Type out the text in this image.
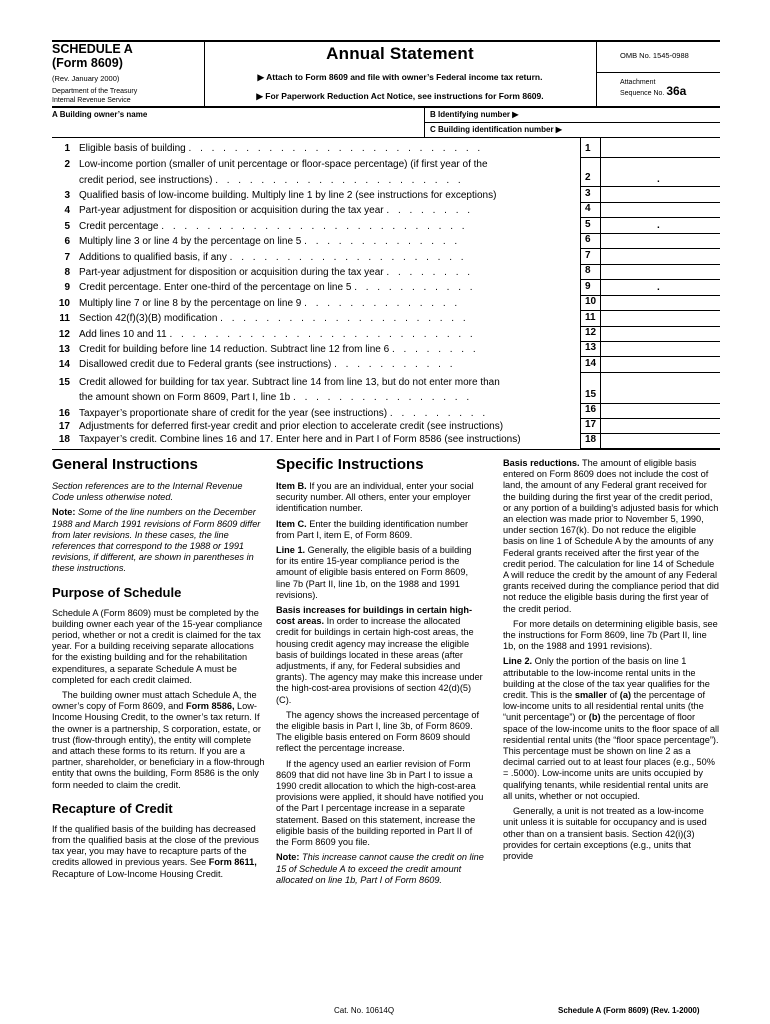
SCHEDULE A
(Form 8609)
(Rev. January 2000)
Department of the Treasury
Internal Revenue Service
Annual Statement
▶ Attach to Form 8609 and file with owner’s Federal income tax return.
▶ For Paperwork Reduction Act Notice, see instructions for Form 8609.
OMB No. 1545-0988
Attachment
Sequence No. 36a
A Building owner’s name	B Identifying number ▶
C Building identification number ▶
1 Eligible basis of building . . . . . . . . . . . . . . . . . . . . . . . . . .
2 Low-income portion (smaller of unit percentage or floor-space percentage) (if first year of the
credit period, see instructions) . . . . . . . . . . . . . . . . . . . . . .
3 Qualified basis of low-income building. Multiply line 1 by line 2 (see instructions for exceptions)
4 Part-year adjustment for disposition or acquisition during the tax year . . . . . . . .
5 Credit percentage . . . . . . . . . . . . . . . . . . . . . . . . . . .
6 Multiply line 3 or line 4 by the percentage on line 5 . . . . . . . . . . . . . .
7 Additions to qualified basis, if any . . . . . . . . . . . . . . . . . . . . .
8 Part-year adjustment for disposition or acquisition during the tax year . . . . . . . .
9 Credit percentage. Enter one-third of the percentage on line 5 . . . . . . . . . . .
10 Multiply line 7 or line 8 by the percentage on line 9 . . . . . . . . . . . . . .
11 Section 42(f)(3)(B) modification . . . . . . . . . . . . . . . . . . . . . .
12 Add lines 10 and 11 . . . . . . . . . . . . . . . . . . . . . . . . . . .
13 Credit for building before line 14 reduction. Subtract line 12 from line 6 . . . . . . . .
14 Disallowed credit due to Federal grants (see instructions) . . . . . . . . . . .
15 Credit allowed for building for tax year. Subtract line 14 from line 13, but do not enter more than
the amount shown on Form 8609, Part I, line 1b . . . . . . . . . . . . . . . .
16 Taxpayer’s proportionate share of credit for the year (see instructions) . . . . . . . . .
17 Adjustments for deferred first-year credit and prior election to accelerate credit (see instructions)
18 Taxpayer’s credit. Combine lines 16 and 17. Enter here and in Part I of Form 8586 (see instructions)
1
2
3
4
5
6
7
8
9
10
11
12
13
14
15
16
17
18
.
.
.
General Instructions

Section references are to the Internal Revenue Code unless otherwise noted.

Note: Some of the line numbers on the December 1988 and March 1991 revisions of Form 8609 differ from later revisions. In these cases, the line references that correspond to the 1988 or 1991 revisions, if different, are shown in parentheses in these instructions.

Purpose of Schedule

Schedule A (Form 8609) must be completed by the building owner each year of the 15-year compliance period, whether or not a credit is claimed for the tax year. For a building receiving separate allocations for the existing building and for the rehabilitation expenditures, a separate Schedule A must be completed for each credit claimed.

The building owner must attach Schedule A, the owner’s copy of Form 8609, and Form 8586, Low-Income Housing Credit, to the owner’s tax return. If the owner is a partnership, S corporation, estate, or trust (flow-through entity), the entity will complete and attach these forms to its return. If you are a partner, shareholder, or beneficiary in a flow-through entity that owns the building, Form 8586 is the only form needed to claim the credit.

Recapture of Credit

If the qualified basis of the building has decreased from the qualified basis at the close of the previous tax year, you may have to recapture parts of the credits allowed in previous years. See Form 8611, Recapture of Low-Income Housing Credit.

Specific Instructions

Item B. If you are an individual, enter your social security number. All others, enter your employer identification number.

Item C. Enter the building identification number from Part I, item E, of Form 8609.

Line 1. Generally, the eligible basis of a building for its entire 15-year compliance period is the amount of eligible basis entered on Form 8609, line 7b (Part II, line 1b, on the 1988 and 1991 revisions).

Basis increases for buildings in certain high-cost areas. In order to increase the allocated credit for buildings in certain high-cost areas, the housing credit agency may increase the eligible basis of buildings located in these areas (after adjustments, if any, for Federal subsidies and grants). The agency may make this increase under the high-cost-area provisions of section 42(d)(5)(C).

The agency shows the increased percentage of the eligible basis in Part I, line 3b, of Form 8609. The eligible basis entered on Form 8609 should reflect the percentage increase.

If the agency used an earlier revision of Form 8609 that did not have line 3b in Part I to issue a 1990 credit allocation to which the high-cost-area provisions were applied, it should have notified you of the Part I percentage increase in a separate statement. Based on this statement, increase the eligible basis of the building reported in Part II of the Form 8609 you file.

Note: This increase cannot cause the credit on line 15 of Schedule A to exceed the credit amount allocated on line 1b, Part I of Form 8609.

Basis reductions. The amount of eligible basis entered on Form 8609 does not include the cost of land, the amount of any Federal grant received for the building during the first year of the credit period, or any portion of a building’s adjusted basis for which an election was made prior to November 5, 1990, under section 167(k). Do not reduce the eligible basis on line 1 of Schedule A by the amounts of any Federal grants received after the first year of the credit period. The calculation for line 14 of Schedule A will reduce the credit by the amount of any Federal grants received during the compliance period that did not reduce the eligible basis during the first year of the credit period.

For more details on determining eligible basis, see the instructions for Form 8609, line 7b (Part II, line 1b, on the 1988 and 1991 revisions).

Line 2. Only the portion of the basis on line 1 attributable to the low-income rental units in the building at the close of the tax year qualifies for the credit. This is the smaller of (a) the percentage of low-income units to all residential rental units (the “unit percentage”) or (b) the percentage of floor space of the low-income units to the floor space of all residential rental units (the “floor space percentage”). This percentage must be shown on line 2 as a decimal carried out to at least four places (e.g., 50% = .5000). Low-income units are units occupied by qualifying tenants, while residential rental units are all units, whether or not occupied.

Generally, a unit is not treated as a low-income unit unless it is suitable for occupancy and is used other than on a transient basis. Section 42(i)(3) provides for certain exceptions (e.g., units that provide

Cat. No. 10614Q	Schedule A (Form 8609) (Rev. 1-2000)
